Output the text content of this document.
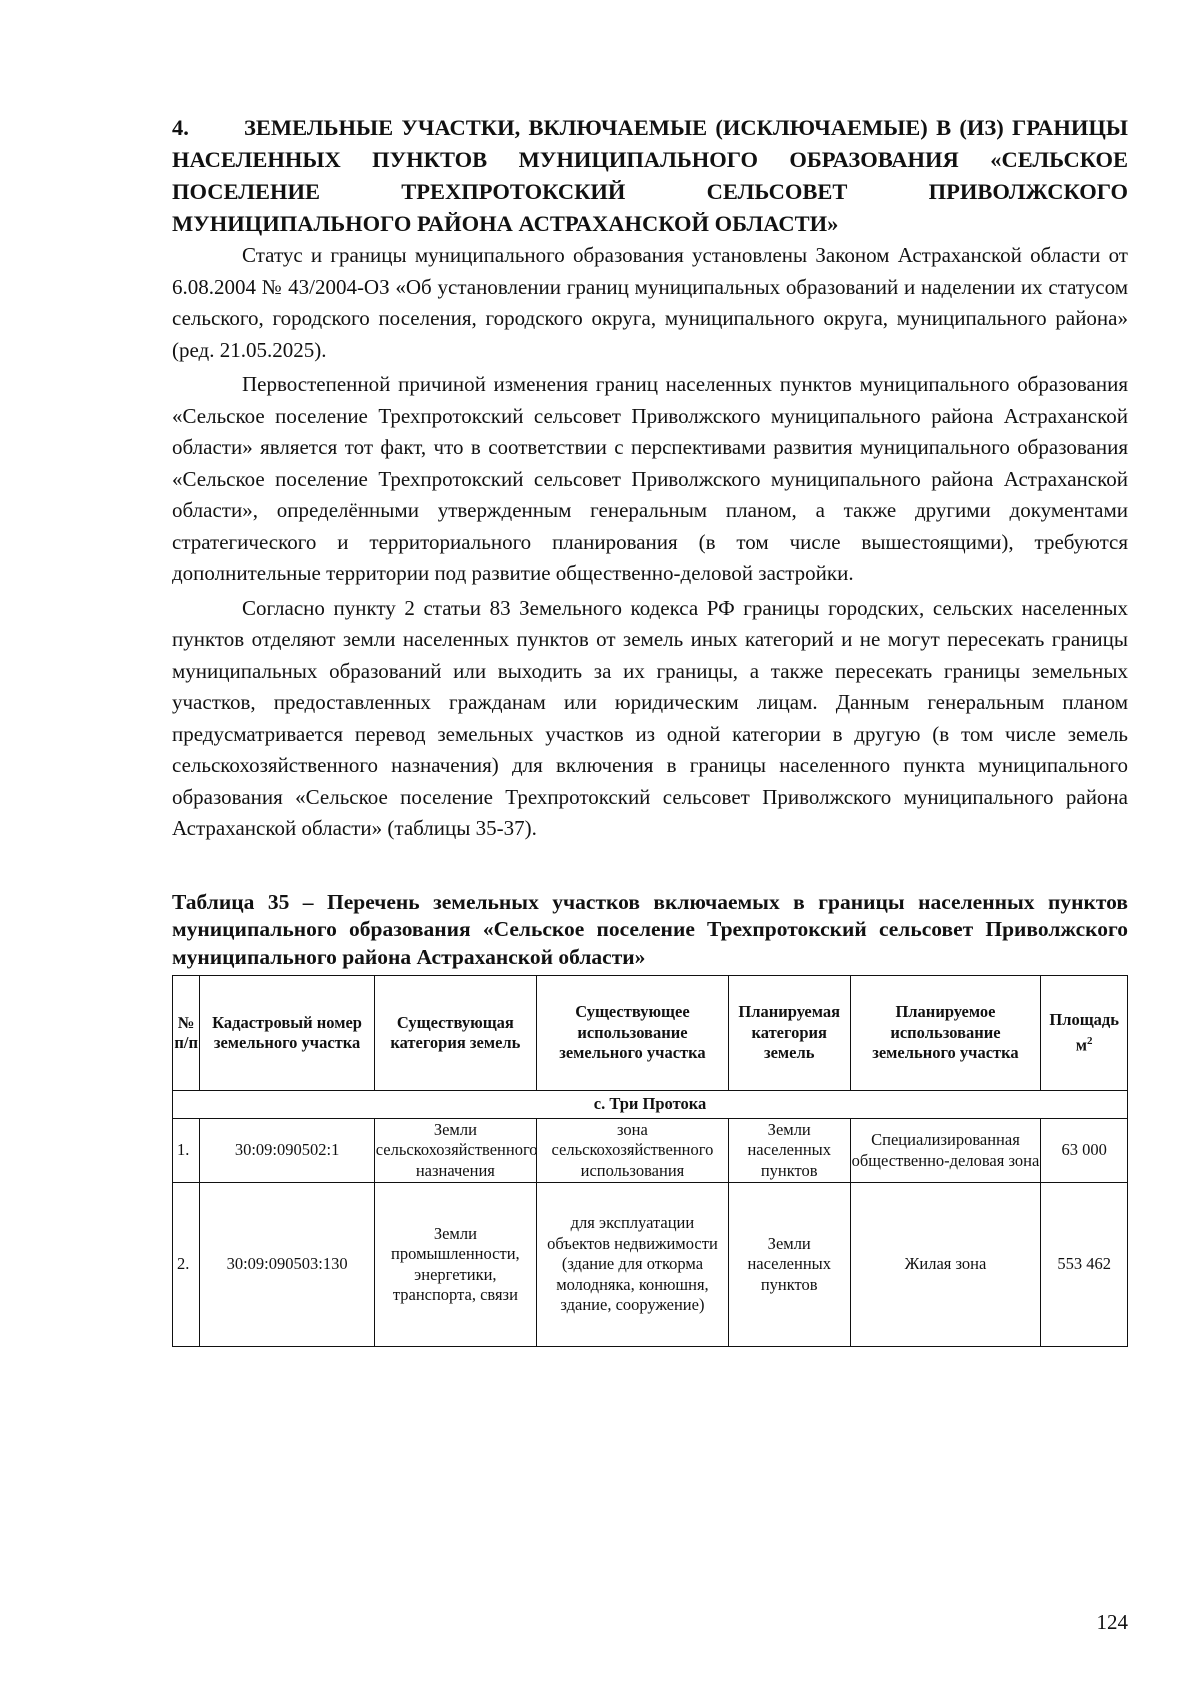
4. ЗЕМЕЛЬНЫЕ УЧАСТКИ, ВКЛЮЧАЕМЫЕ (ИСКЛЮЧАЕМЫЕ) В (ИЗ) ГРАНИЦЫ НАСЕЛЕННЫХ ПУНКТОВ МУНИЦИПАЛЬНОГО ОБРАЗОВАНИЯ «СЕЛЬСКОЕ ПОСЕЛЕНИЕ ТРЕХПРОТОКСКИЙ СЕЛЬСОВЕТ ПРИВОЛЖСКОГО МУНИЦИПАЛЬНОГО РАЙОНА АСТРАХАНСКОЙ ОБЛАСТИ»

Статус и границы муниципального образования установлены Законом Астраханской области от 6.08.2004 № 43/2004-ОЗ «Об установлении границ муниципальных образований и наделении их статусом сельского, городского поселения, городского округа, муниципального округа, муниципального района» (ред. 21.05.2025).

Первостепенной причиной изменения границ населенных пунктов муниципального образования «Сельское поселение Трехпротокский сельсовет Приволжского муниципального района Астраханской области» является тот факт, что в соответствии с перспективами развития муниципального образования «Сельское поселение Трехпротокский сельсовет Приволжского муниципального района Астраханской области», определёнными утвержденным генеральным планом, а также другими документами стратегического и территориального планирования (в том числе вышестоящими), требуются дополнительные территории под развитие общественно-деловой застройки.

Согласно пункту 2 статьи 83 Земельного кодекса РФ границы городских, сельских населенных пунктов отделяют земли населенных пунктов от земель иных категорий и не могут пересекать границы муниципальных образований или выходить за их границы, а также пересекать границы земельных участков, предоставленных гражданам или юридическим лицам. Данным генеральным планом предусматривается перевод земельных участков из одной категории в другую (в том числе земель сельскохозяйственного назначения) для включения в границы населенного пункта муниципального образования «Сельское поселение Трехпротокский сельсовет Приволжского муниципального района Астраханской области» (таблицы 35-37).

Таблица 35 – Перечень земельных участков включаемых в границы населенных пунктов муниципального образования «Сельское поселение Трехпротокский сельсовет Приволжского муниципального района Астраханской области»

№ п/п	Кадастровый номер земельного участка	Существующая категория земель	Существующее использование земельного участка	Планируемая категория земель	Планируемое использование земельного участка	Площадь $м^2$
с. Три Протока						
1.	30:09:090502:1	Земли сельскохозяйственного назначения	зона сельскохозяйственного использования	Земли населенных пунктов	Специализированная общественно-деловая зона	63 000
2.	30:09:090503:130	Земли промышленности, энергетики, транспорта, связи	для эксплуатации объектов недвижимости (здание для откорма молодняка, конюшня, здание, сооружение)	Земли населенных пунктов	Жилая зона	553 462
124
